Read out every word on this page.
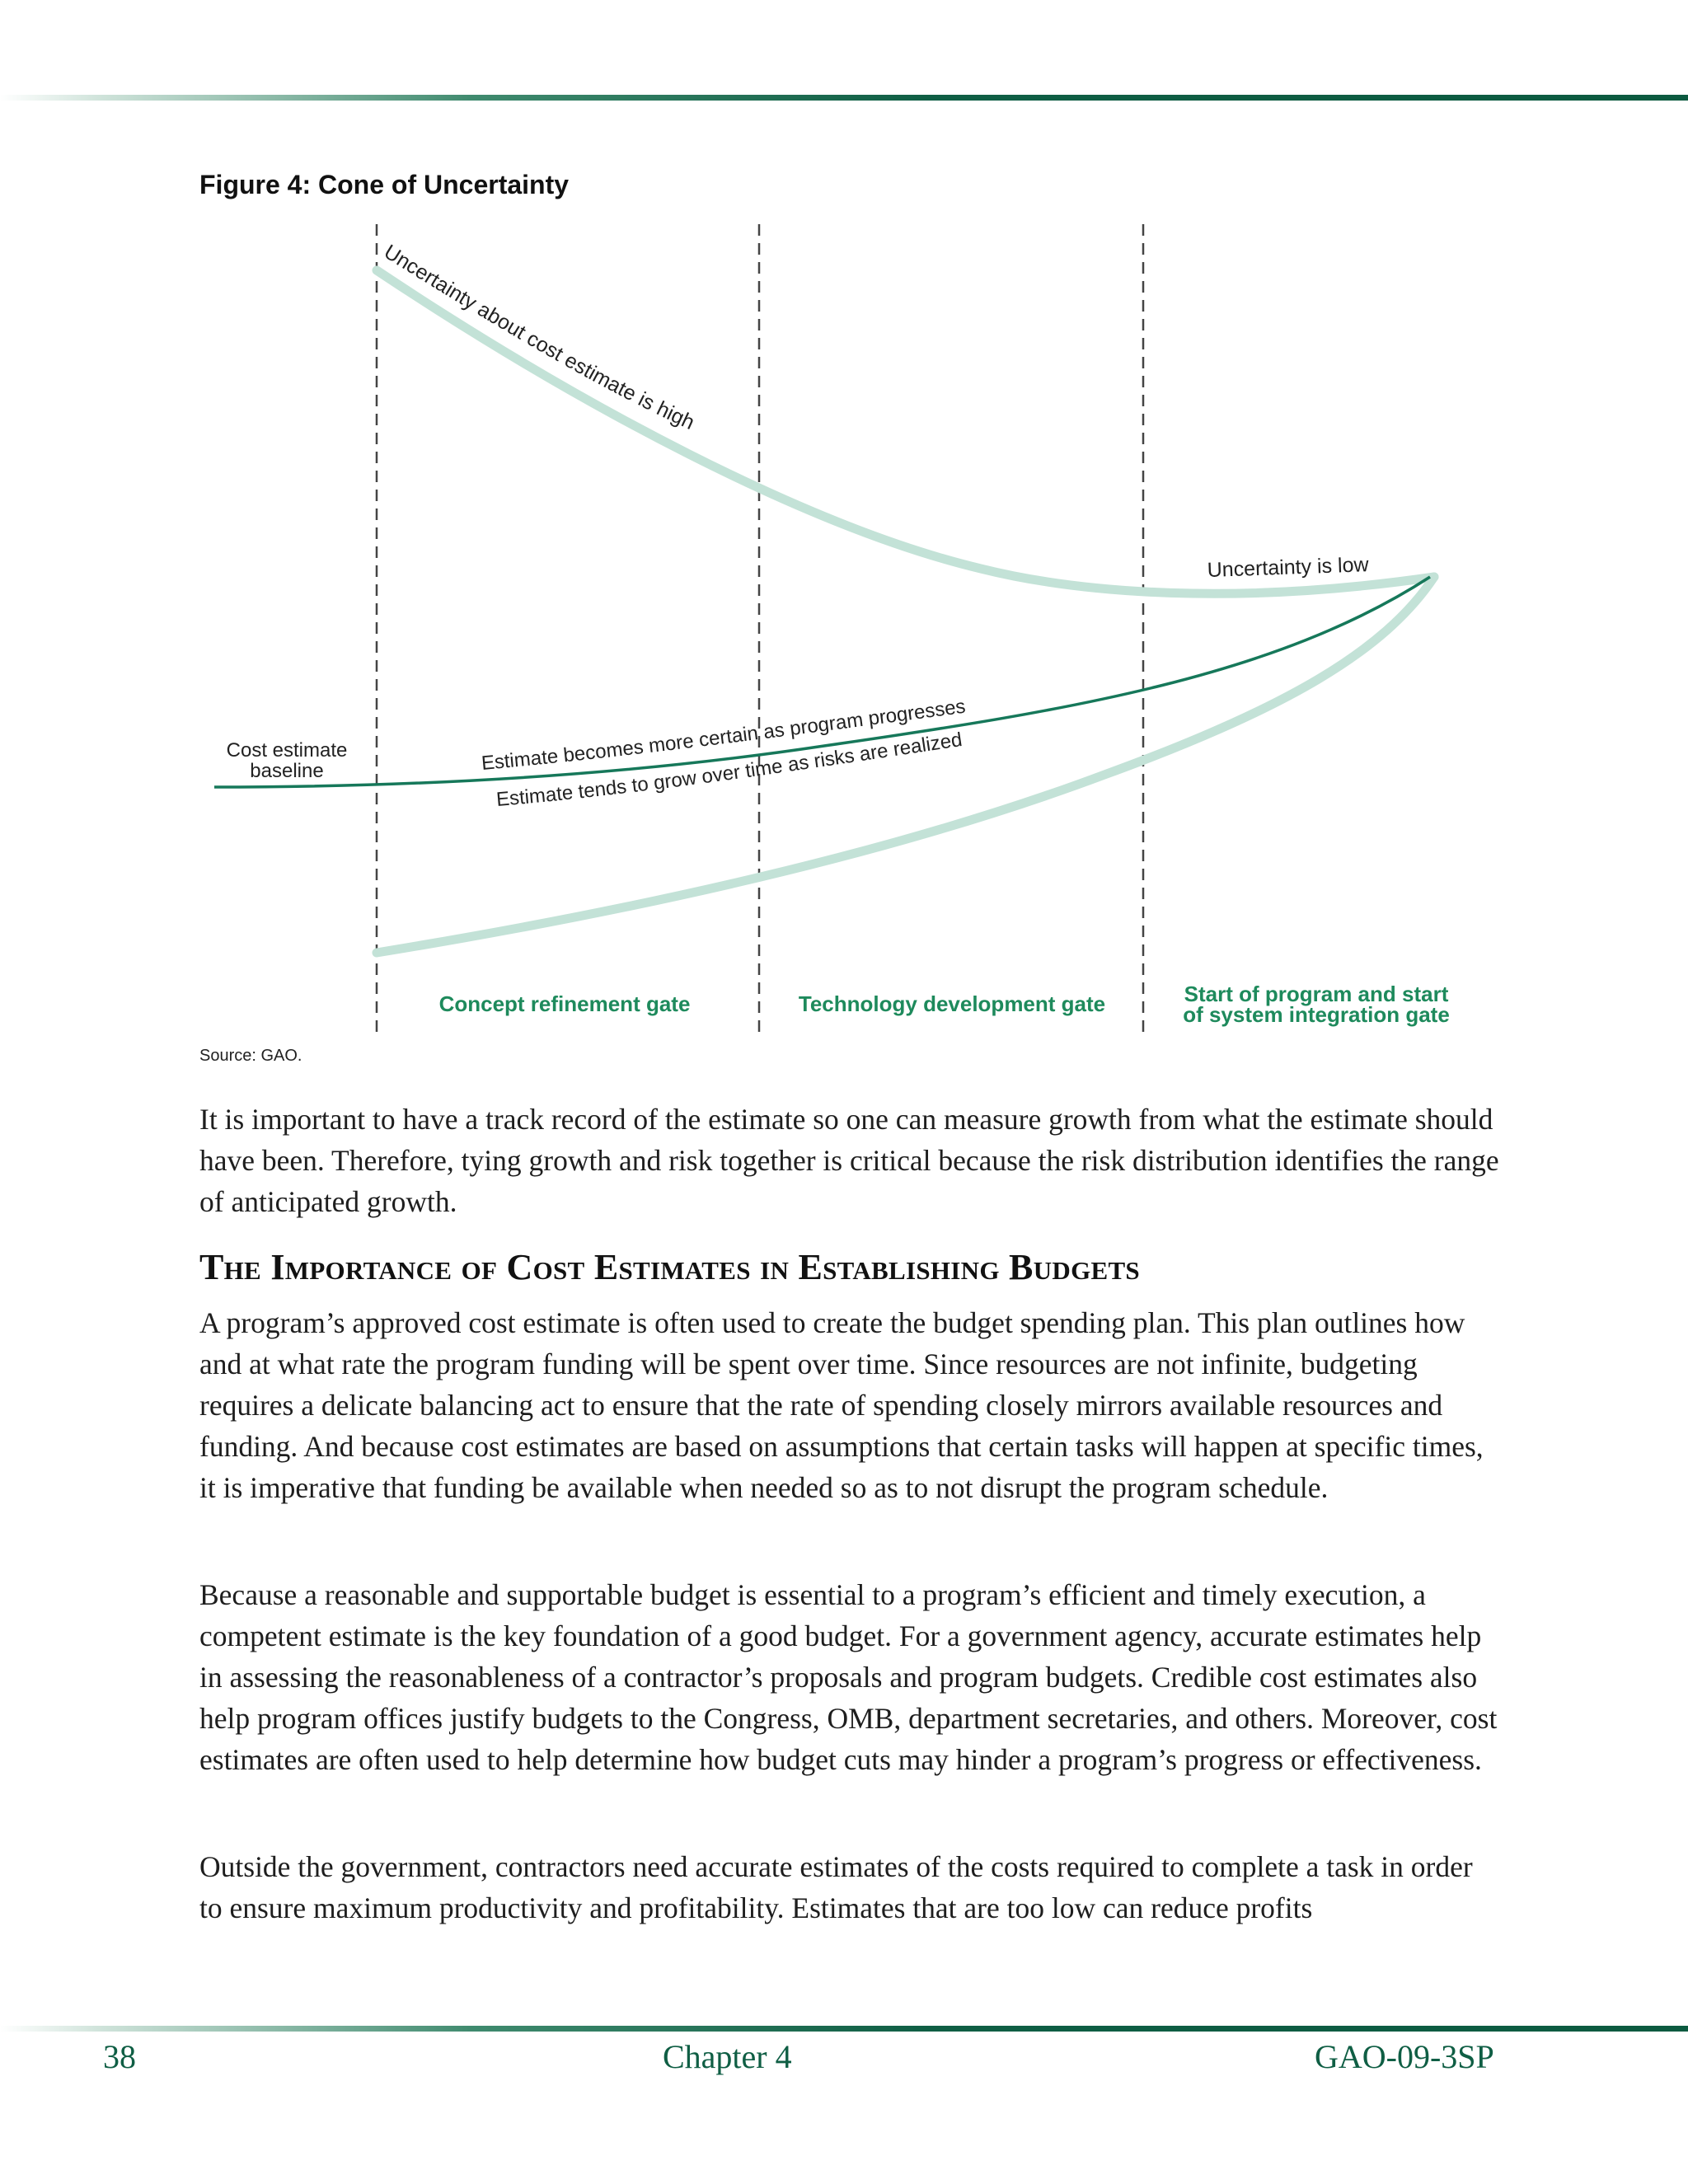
Figure 4: Cone of Uncertainty
Uncertainty about cost estimate is high
Estimate becomes more certain as program progresses
Estimate tends to grow over time as risks are realized
Uncertainty is low
Cost estimate
baseline
Concept refinement gate	Technology development gate	Start of program and start
of system integration gate
Source: GAO.

It is important to have a track record of the estimate so one can measure growth from what the estimate should have been. Therefore, tying growth and risk together is critical because the risk distribution identifies the range of anticipated growth.

The Importance of Cost Estimates in Establishing Budgets

A program’s approved cost estimate is often used to create the budget spending plan. This plan outlines how and at what rate the program funding will be spent over time. Since resources are not infinite, budgeting requires a delicate balancing act to ensure that the rate of spending closely mirrors available resources and funding. And because cost estimates are based on assumptions that certain tasks will happen at specific times, it is imperative that funding be available when needed so as to not disrupt the program schedule.

Because a reasonable and supportable budget is essential to a program’s efficient and timely execution, a competent estimate is the key foundation of a good budget. For a government agency, accurate estimates help in assessing the reasonableness of a contractor’s proposals and program budgets. Credible cost estimates also help program offices justify budgets to the Congress, OMB, department secretaries, and others. Moreover, cost estimates are often used to help determine how budget cuts may hinder a program’s progress or effectiveness.

Outside the government, contractors need accurate estimates of the costs required to complete a task in order to ensure maximum productivity and profitability. Estimates that are too low can reduce profits

38	Chapter 4	GAO-09-3SP
